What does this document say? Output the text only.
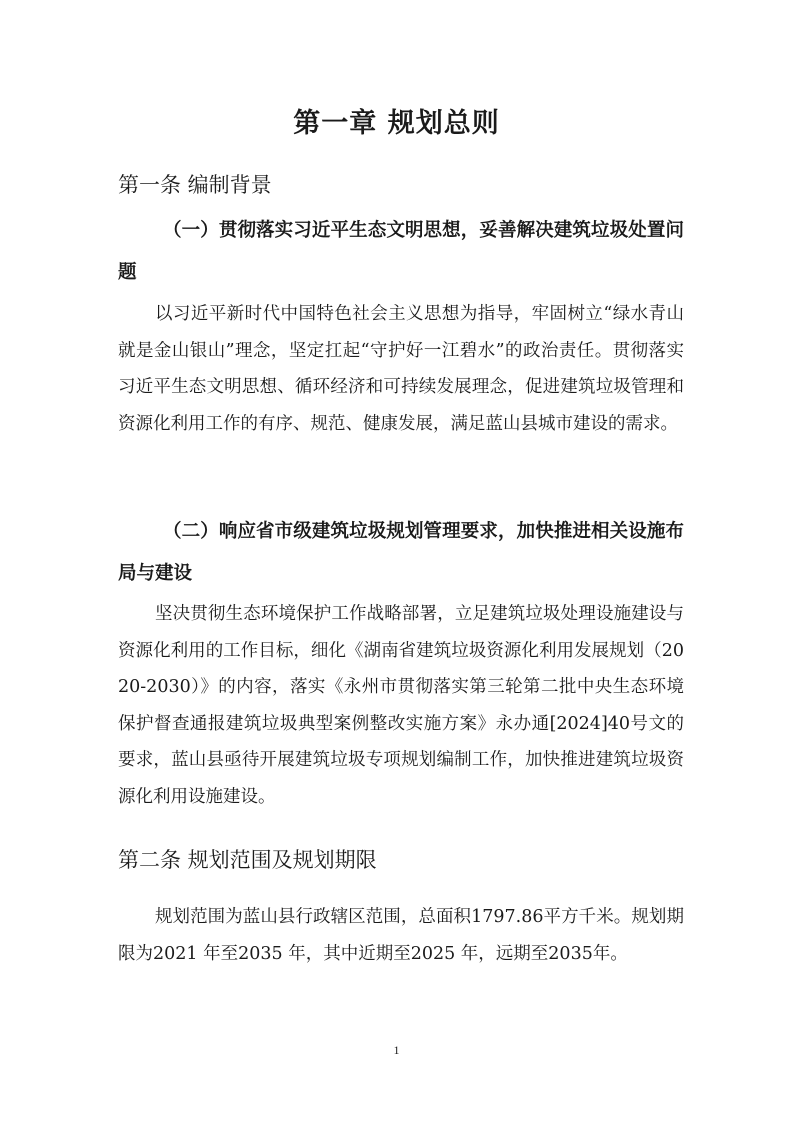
第一章 规划总则
第一条 编制背景
（一）贯彻落实习近平生态文明思想，妥善解决建筑垃圾处置问题
以习近平新时代中国特色社会主义思想为指导，牢固树立“绿水青山就是金山银山”理念，坚定扛起“守护好一江碧水”的政治责任。贯彻落实习近平生态文明思想、循环经济和可持续发展理念，促进建筑垃圾管理和资源化利用工作的有序、规范、健康发展，满足蓝山县城市建设的需求。
（二）响应省市级建筑垃圾规划管理要求，加快推进相关设施布局与建设
坚决贯彻生态环境保护工作战略部署，立足建筑垃圾处理设施建设与资源化利用的工作目标，细化《湖南省建筑垃圾资源化利用发展规划（2020-2030）》的内容，落实《永州市贯彻落实第三轮第二批中央生态环境保护督查通报建筑垃圾典型案例整改实施方案》永办通[2024]40号文的要求，蓝山县亟待开展建筑垃圾专项规划编制工作，加快推进建筑垃圾资源化利用设施建设。
第二条 规划范围及规划期限
规划范围为蓝山县行政辖区范围，总面积1797.86平方千米。规划期限为2021 年至2035 年，其中近期至2025 年，远期至2035年。
1
